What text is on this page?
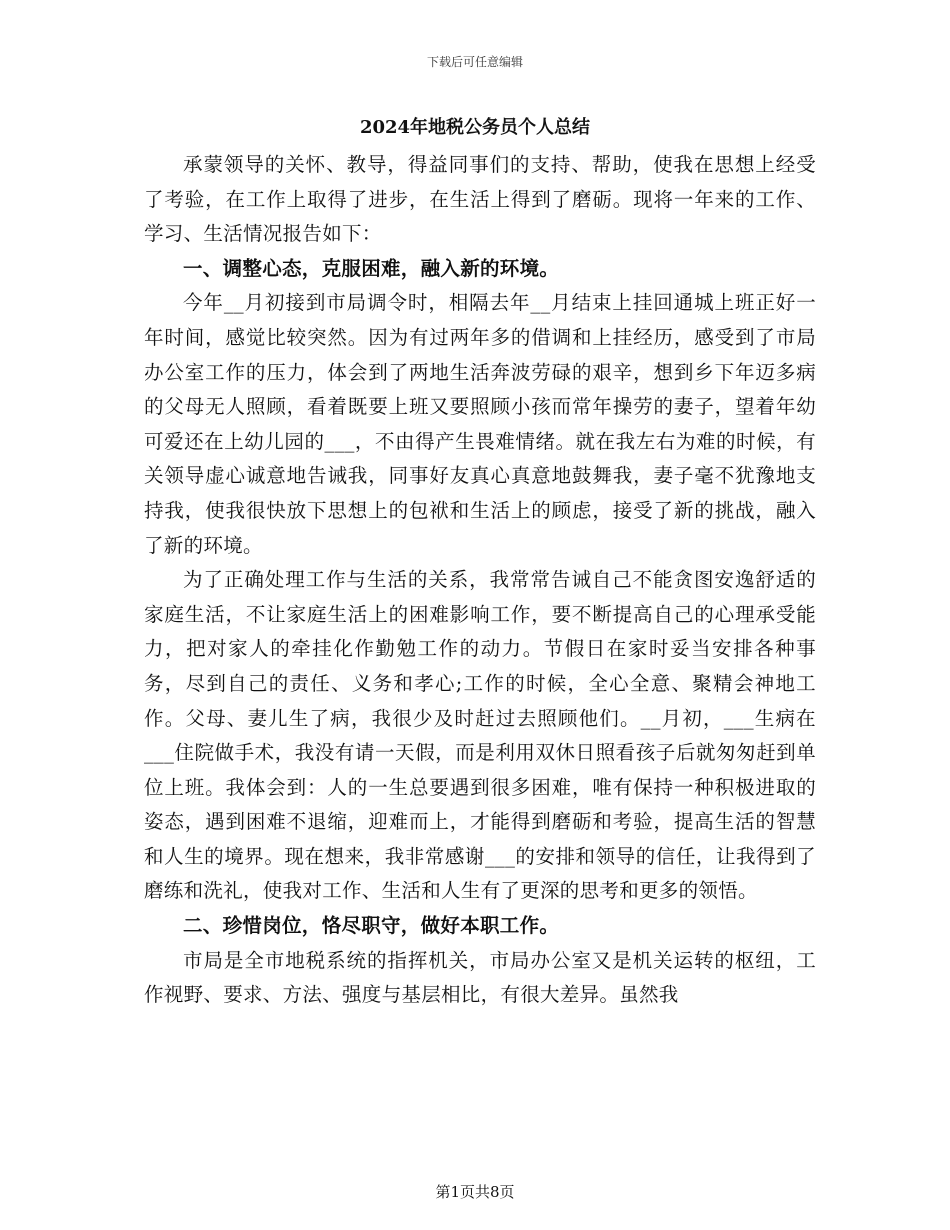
下载后可任意编辑
2024年地税公务员个人总结

承蒙领导的关怀、教导，得益同事们的支持、帮助，使我在思想上经受了考验，在工作上取得了进步，在生活上得到了磨砺。现将一年来的工作、学习、生活情况报告如下：

一、调整心态，克服困难，融入新的环境。

今年__月初接到市局调令时，相隔去年__月结束上挂回通城上班正好一年时间，感觉比较突然。因为有过两年多的借调和上挂经历，感受到了市局办公室工作的压力，体会到了两地生活奔波劳碌的艰辛，想到乡下年迈多病的父母无人照顾，看着既要上班又要照顾小孩而常年操劳的妻子，望着年幼可爱还在上幼儿园的___，不由得产生畏难情绪。就在我左右为难的时候，有关领导虚心诚意地告诫我，同事好友真心真意地鼓舞我，妻子毫不犹豫地支持我，使我很快放下思想上的包袱和生活上的顾虑，接受了新的挑战，融入了新的环境。

为了正确处理工作与生活的关系，我常常告诫自己不能贪图安逸舒适的家庭生活，不让家庭生活上的困难影响工作，要不断提高自己的心理承受能力，把对家人的牵挂化作勤勉工作的动力。节假日在家时妥当安排各种事务，尽到自己的责任、义务和孝心;工作的时候，全心全意、聚精会神地工作。父母、妻儿生了病，我很少及时赶过去照顾他们。__月初，___生病在___住院做手术，我没有请一天假，而是利用双休日照看孩子后就匆匆赶到单位上班。我体会到：人的一生总要遇到很多困难，唯有保持一种积极进取的姿态，遇到困难不退缩，迎难而上，才能得到磨砺和考验，提高生活的智慧和人生的境界。现在想来，我非常感谢___的安排和领导的信任，让我得到了磨练和洗礼，使我对工作、生活和人生有了更深的思考和更多的领悟。

二、珍惜岗位，恪尽职守，做好本职工作。

市局是全市地税系统的指挥机关，市局办公室又是机关运转的枢纽，工作视野、要求、方法、强度与基层相比，有很大差异。虽然我

第1页共8页
